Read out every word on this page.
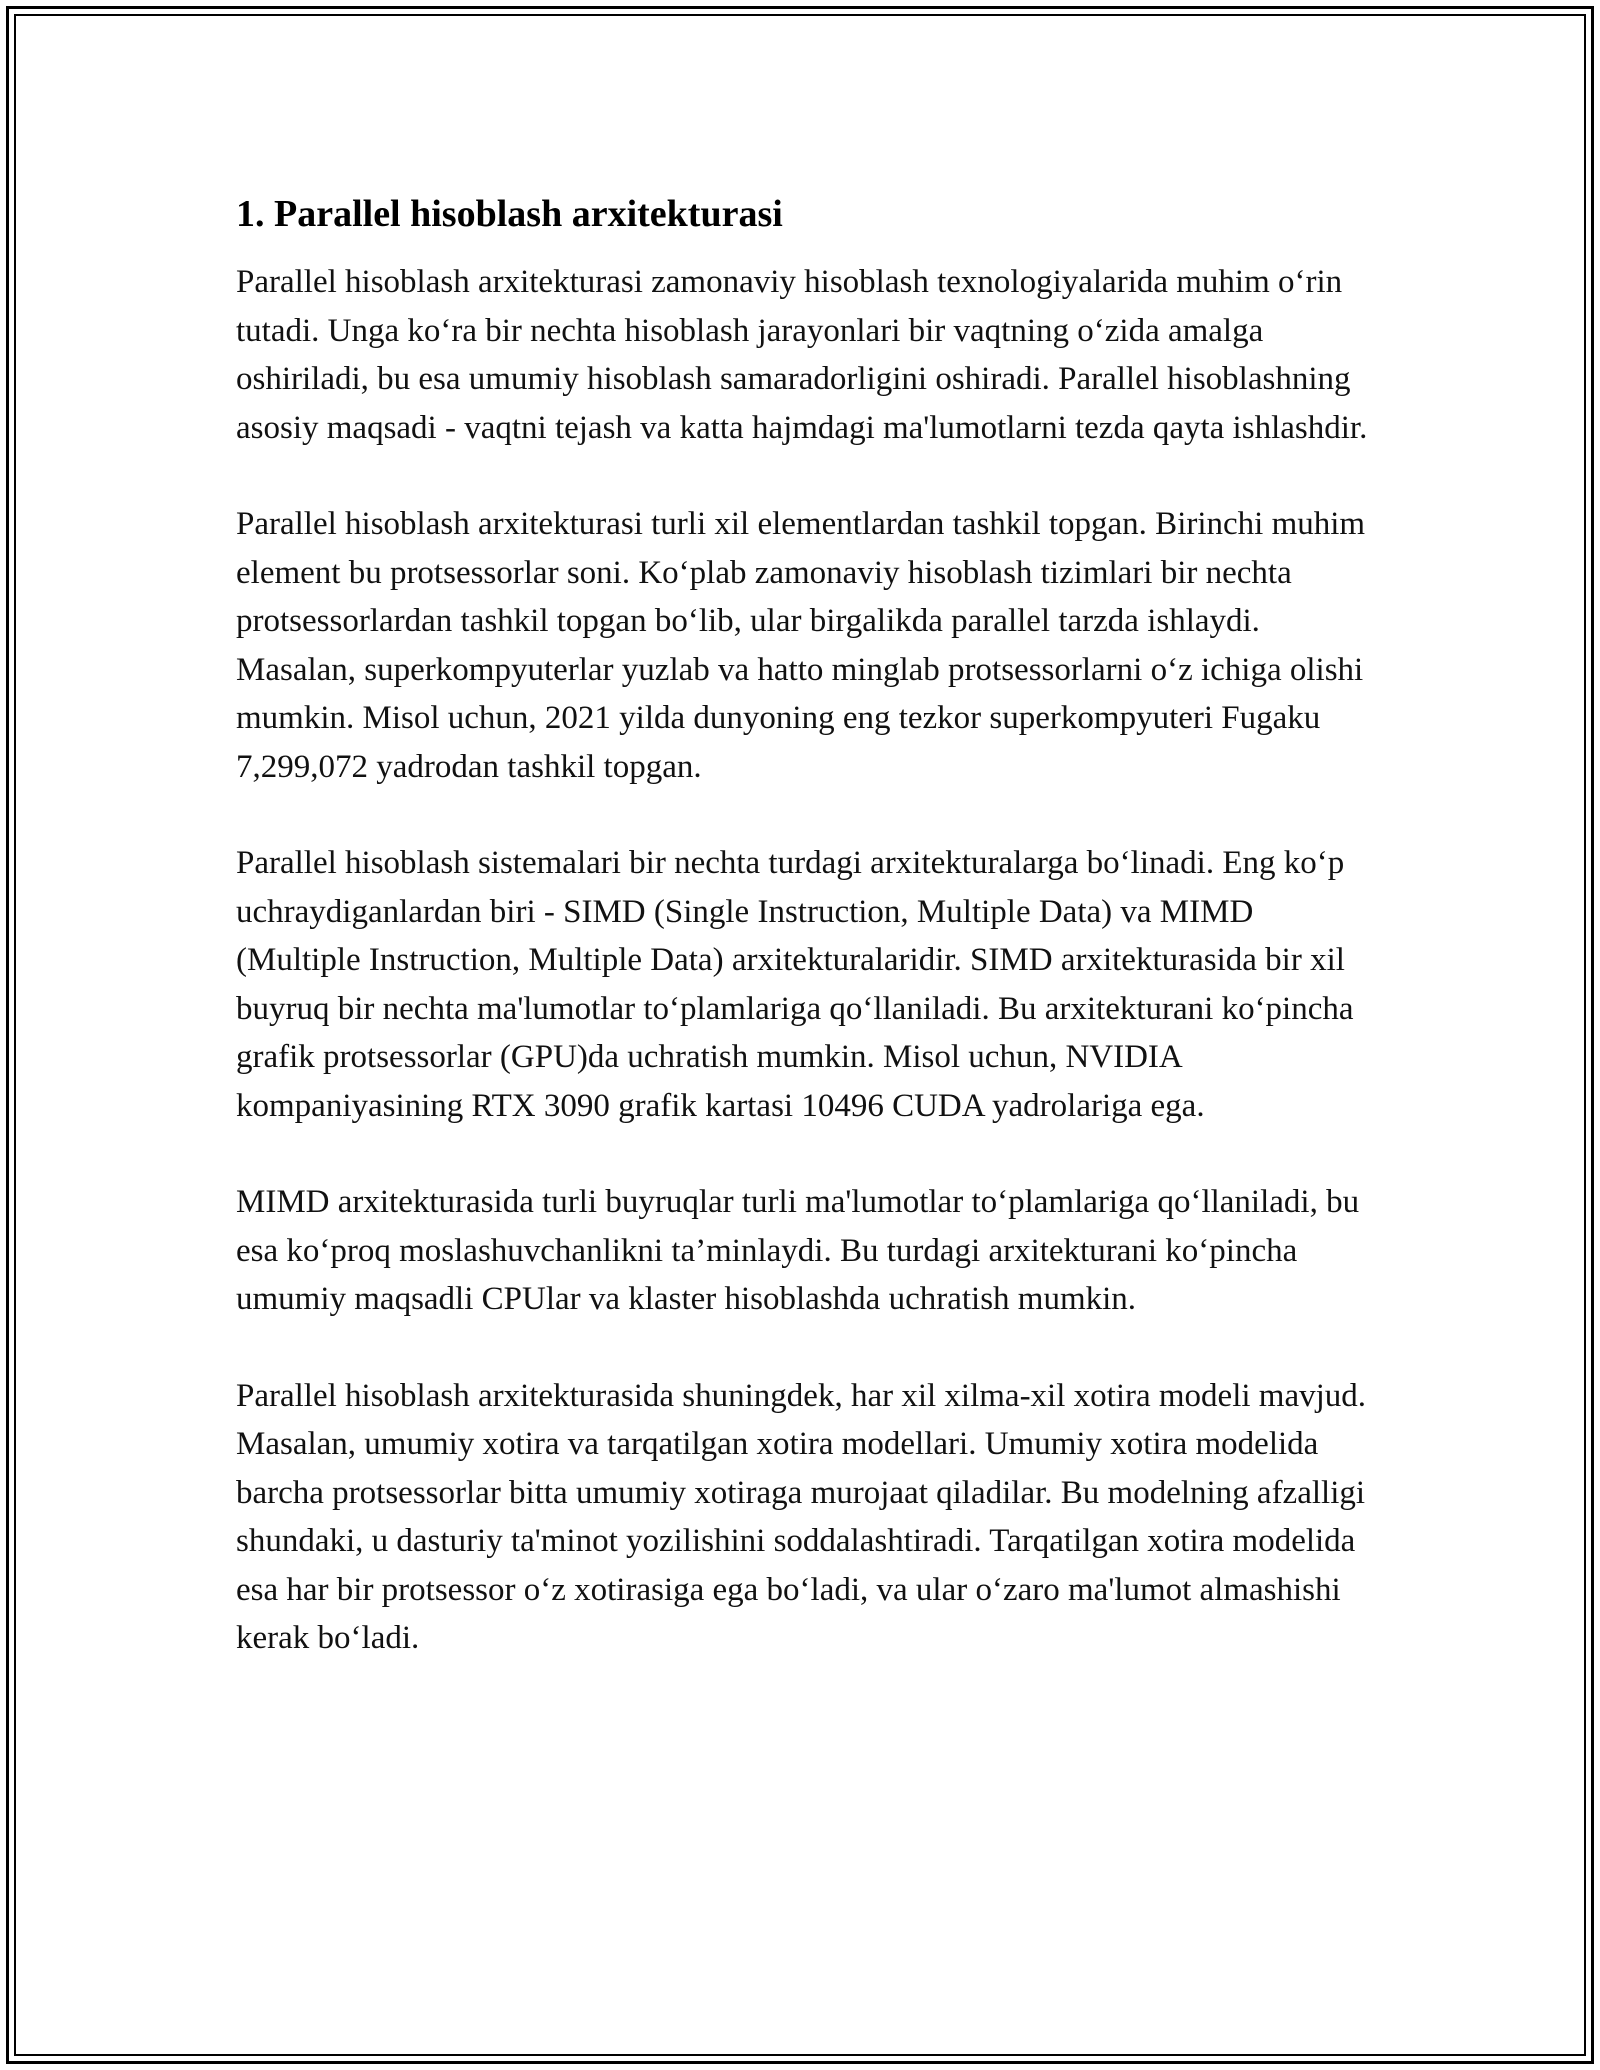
1. Parallel hisoblash arxitekturasi

Parallel hisoblash arxitekturasi zamonaviy hisoblash texnologiyalarida muhim o‘rin tutadi. Unga ko‘ra bir nechta hisoblash jarayonlari bir vaqtning o‘zida amalga oshiriladi, bu esa umumiy hisoblash samaradorligini oshiradi. Parallel hisoblashning asosiy maqsadi - vaqtni tejash va katta hajmdagi ma'lumotlarni tezda qayta ishlashdir.

Parallel hisoblash arxitekturasi turli xil elementlardan tashkil topgan. Birinchi muhim element bu protsessorlar soni. Ko‘plab zamonaviy hisoblash tizimlari bir nechta protsessorlardan tashkil topgan bo‘lib, ular birgalikda parallel tarzda ishlaydi. Masalan, superkompyuterlar yuzlab va hatto minglab protsessorlarni o‘z ichiga olishi mumkin. Misol uchun, 2021 yilda dunyoning eng tezkor superkompyuteri Fugaku 7,299,072 yadrodan tashkil topgan.

Parallel hisoblash sistemalari bir nechta turdagi arxitekturalarga bo‘linadi. Eng ko‘p uchraydiganlardan biri - SIMD (Single Instruction, Multiple Data) va MIMD (Multiple Instruction, Multiple Data) arxitekturalaridir. SIMD arxitekturasida bir xil buyruq bir nechta ma'lumotlar to‘plamlariga qo‘llaniladi. Bu arxitekturani ko‘pincha grafik protsessorlar (GPU)da uchratish mumkin. Misol uchun, NVIDIA kompaniyasining RTX 3090 grafik kartasi 10496 CUDA yadrolariga ega.

MIMD arxitekturasida turli buyruqlar turli ma'lumotlar to‘plamlariga qo‘llaniladi, bu esa ko‘proq moslashuvchanlikni ta’minlaydi. Bu turdagi arxitekturani ko‘pincha umumiy maqsadli CPUlar va klaster hisoblashda uchratish mumkin.

Parallel hisoblash arxitekturasida shuningdek, har xil xilma-xil xotira modeli mavjud. Masalan, umumiy xotira va tarqatilgan xotira modellari. Umumiy xotira modelida barcha protsessorlar bitta umumiy xotiraga murojaat qiladilar. Bu modelning afzalligi shundaki, u dasturiy ta'minot yozilishini soddalashtiradi. Tarqatilgan xotira modelida esa har bir protsessor o‘z xotirasiga ega bo‘ladi, va ular o‘zaro ma'lumot almashishi kerak bo‘ladi.
